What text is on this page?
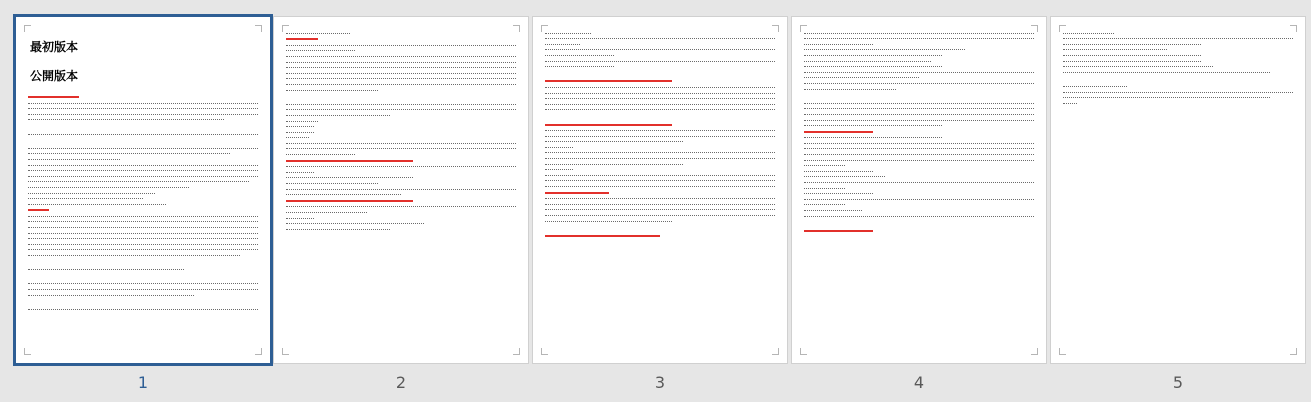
最初版本
公開版本
1	2	3	4	5
